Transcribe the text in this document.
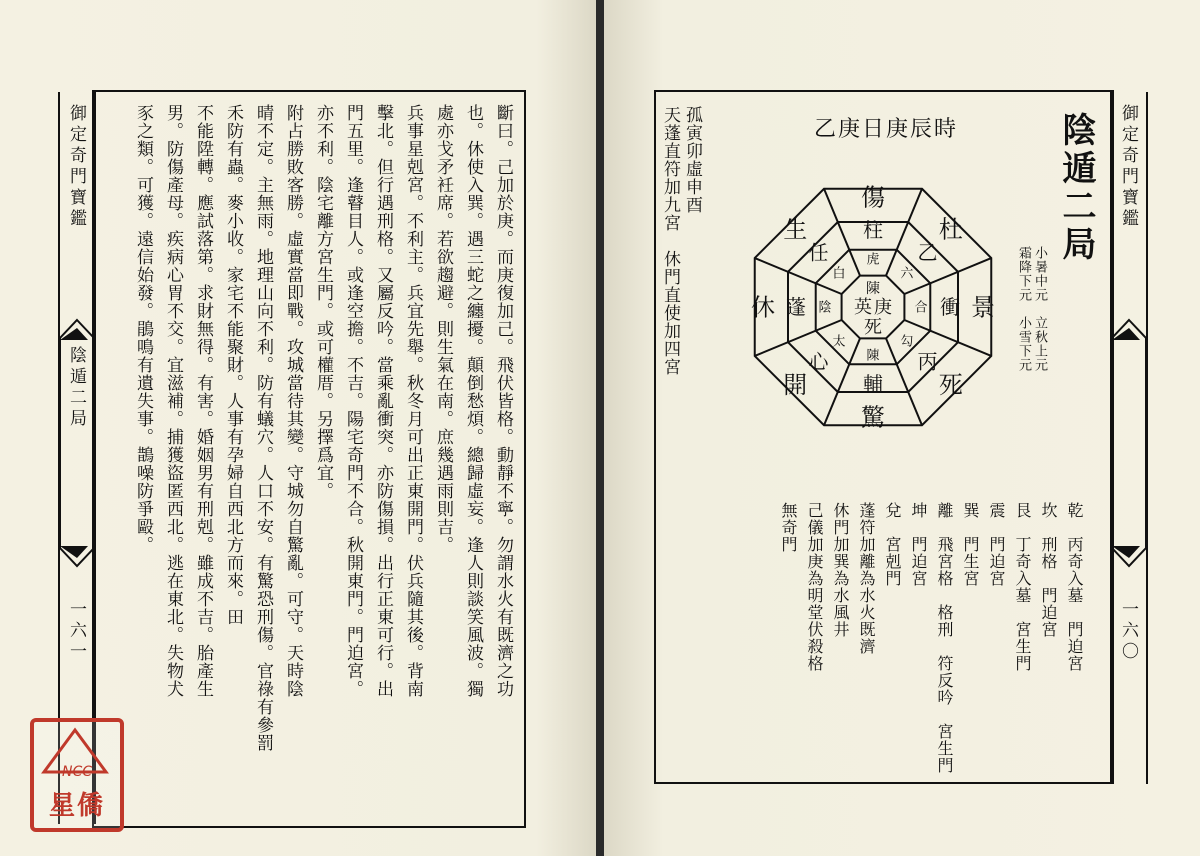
御定奇門寶鑑
陰遁二局
一六一	斷曰。己加於庚。而庚復加己。飛伏皆格。動靜不寧。勿謂水火有既濟之功
也。休使入巽。遇三蛇之纏擾。顛倒愁煩。總歸虛妄。逢人則談笑風波。獨
處亦戈矛衽席。若欲趨避。則生氣在南。庶幾遇雨則吉。
兵事星剋宮。不利主。兵宜先舉。秋冬月可出正東開門。伏兵隨其後。背南
擊北。但行遇刑格。又屬反吟。當乘亂衝突。亦防傷損。出行正東可行。出
門五里。逢瞽目人。或逢空擔。不吉。陽宅奇門不合。秋開東門。門迫宮。
亦不利。陰宅離方宮生門。或可權厝。另擇爲宜。
附占勝敗客勝。虛實當即戰。攻城當待其變。守城勿自驚亂。可守。天時陰
晴不定。主無雨。地理山向不利。防有蟻穴。人口不安。有驚恐刑傷。官祿有參罰
禾防有蟲。麥小收。家宅不能聚財。人事有孕婦自西北方而來。田
不能陞轉。應試落第。求財無得。有害。婚姻男有刑剋。雖成不吉。胎產生
男。防傷產母。疾病心胃不交。宜滋補。捕獲盜匿西北。逃在東北。失物犬
豕之類。可獲。遠信始發。鵑鳴有遺失事。鵲噪防爭毆。
NCC
星僑
御定奇門寶鑑
一六〇
陰遁二局
小暑中元　立秋上元
霜降下元　小雪下元
乙庚日庚辰時
六
合
勾
陳
太
陰
白
虎 乙
衝
丙
輔
心
蓬
任
柱 杜
景
死
驚
開
休
生
傷
陳
英 庚
死
孤寅卯虛申酉
天蓬直符加九宮　休門直使加四宮
乾　丙奇入墓　門迫宮
坎　刑格　門迫宮
艮　丁奇入墓　宮生門
震　門迫宮
巽　門生宮
離　飛宮格　格刑　符反吟　宮生門
坤　門迫宮
兌　宮剋門
蓬符加離為水火既濟
休門加巽為水風井
己儀加庚為明堂伏殺格
無奇門
